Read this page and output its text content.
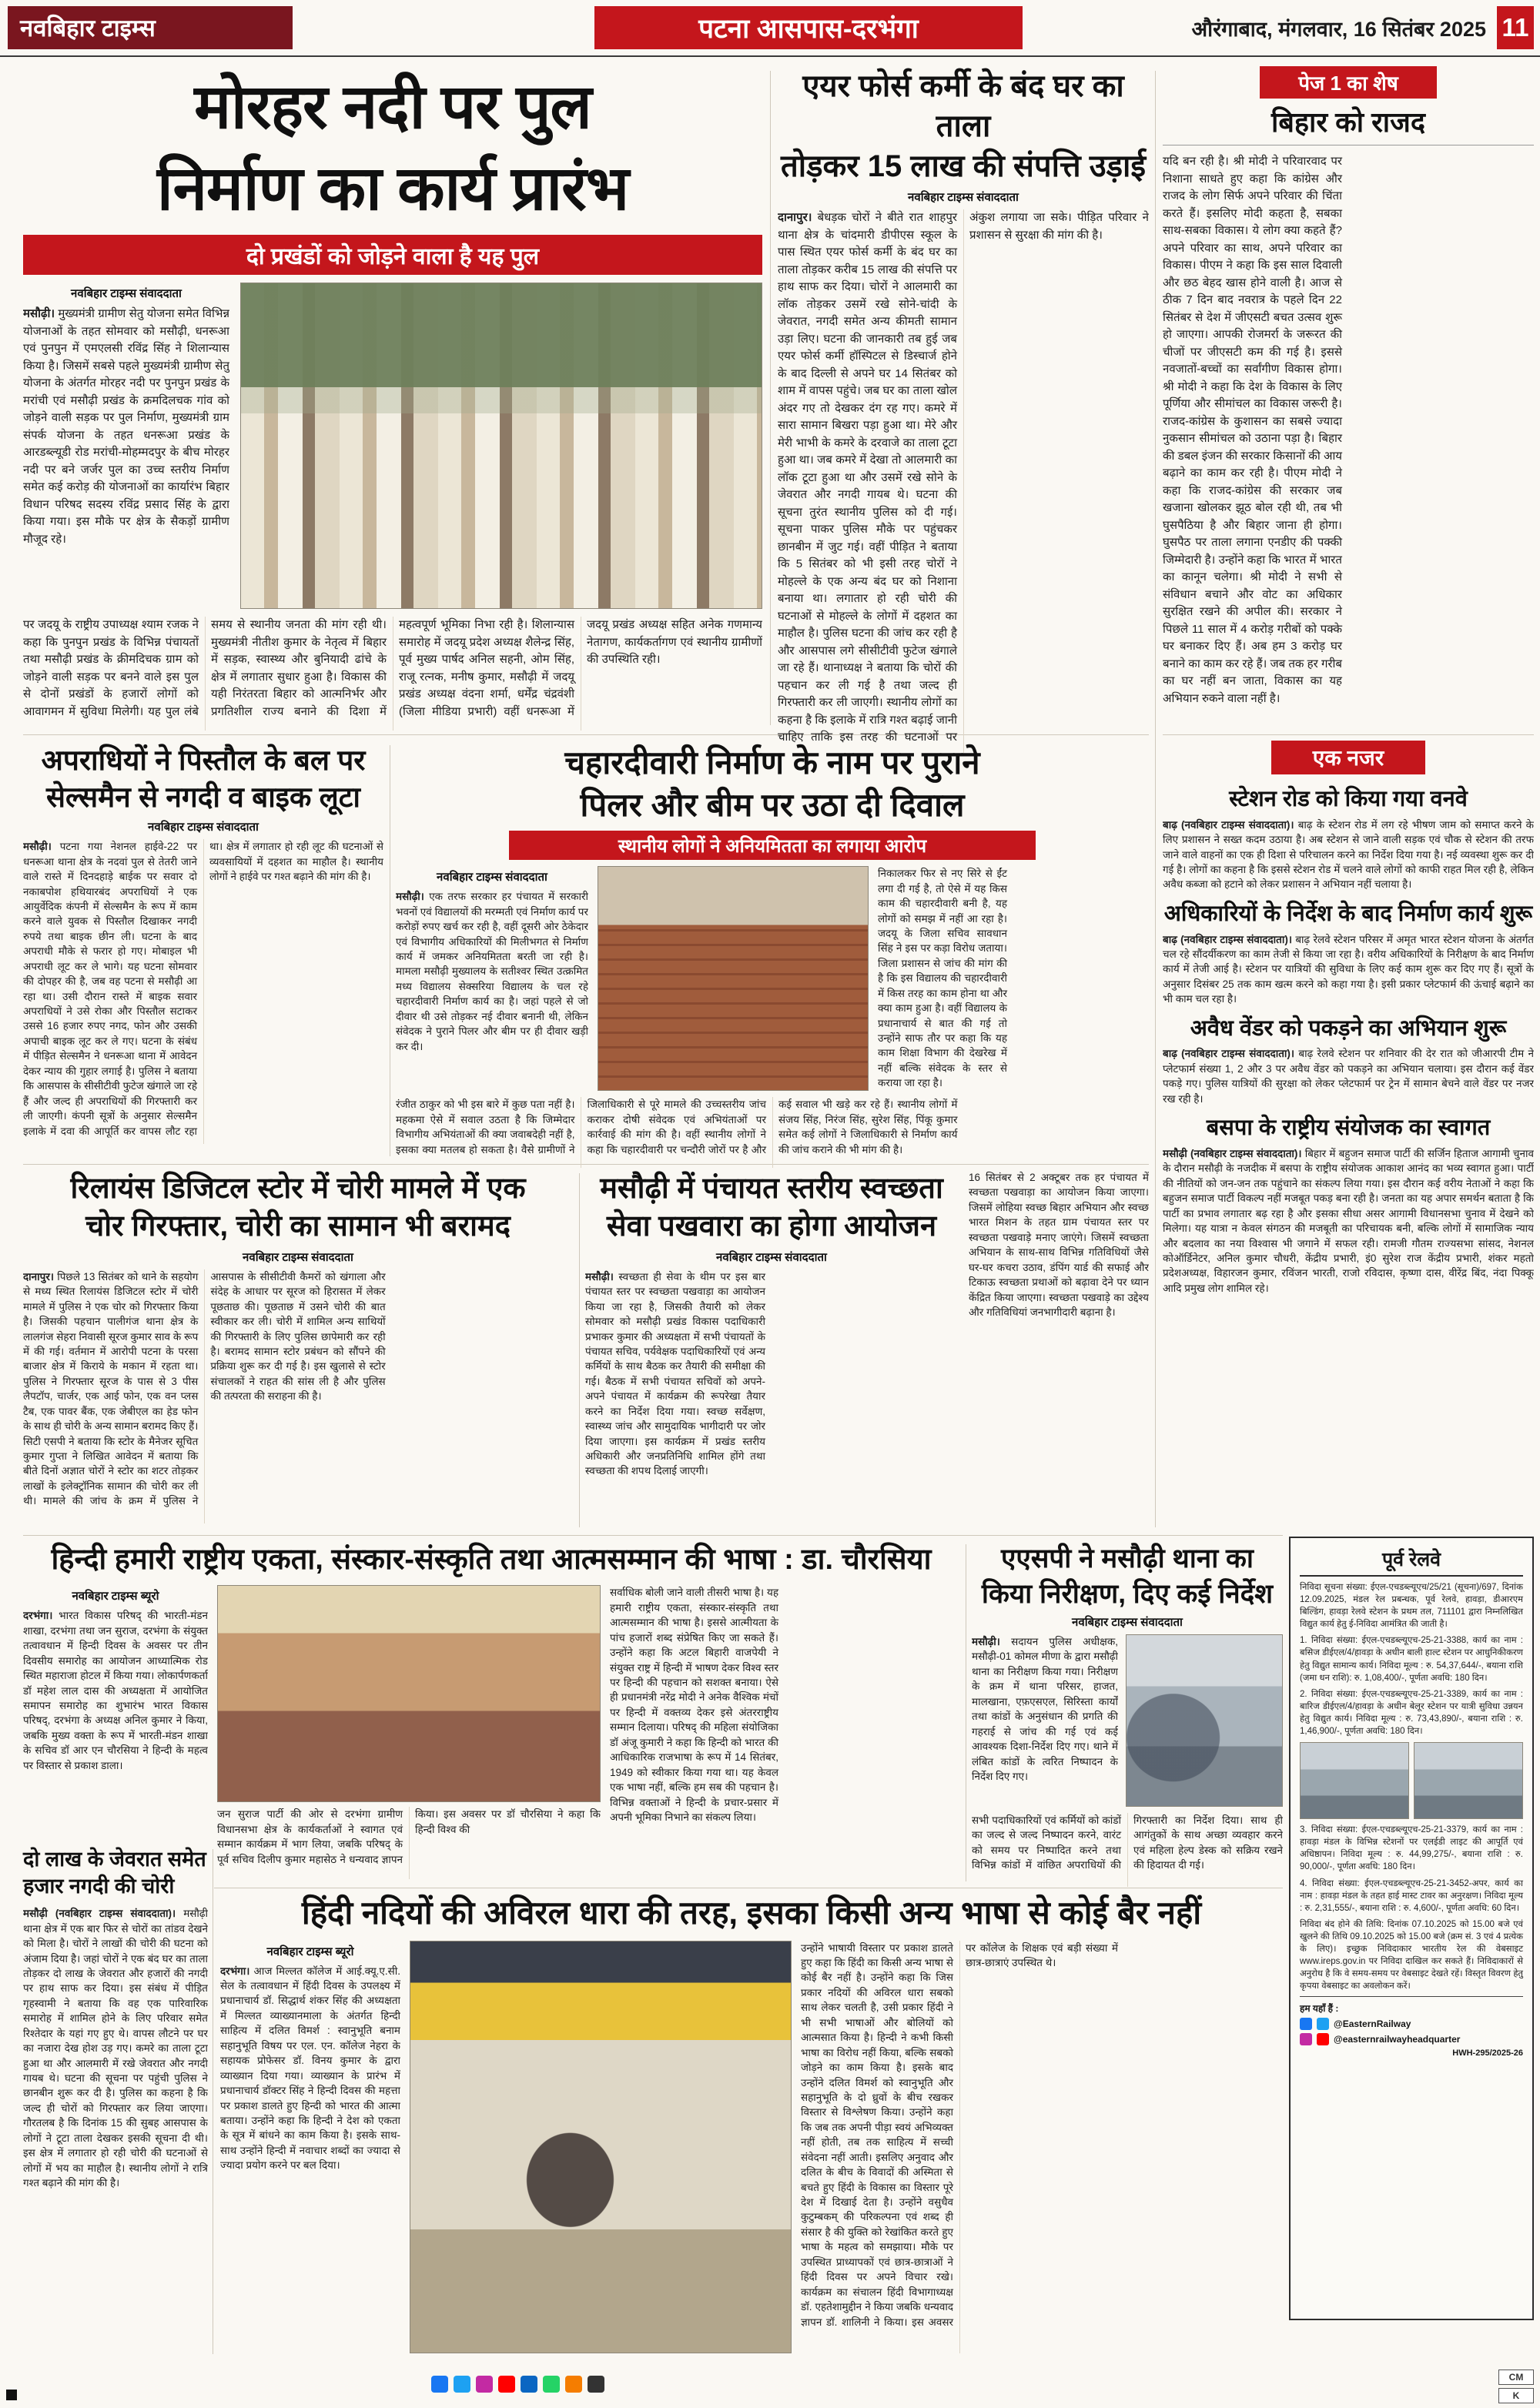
नवबिहार टाइम्स	पटना आसपास-दरभंगा	औरंगाबाद, मंगलवार, 16 सितंबर 2025 11
मोरहर नदी पर पुल
निर्माण का कार्य प्रारंभ
दो प्रखंडों को जोड़ने वाला है यह पुल
नवबिहार टाइम्स संवाददाता
मसौढ़ी। मुख्यमंत्री ग्रामीण सेतु योजना समेत विभिन्न योजनाओं के तहत सोमवार को मसौढ़ी, धनरूआ एवं पुनपुन में एमएलसी रविंद्र सिंह ने शिलान्यास किया है। जिसमें सबसे पहले मुख्यमंत्री ग्रामीण सेतु योजना के अंतर्गत मोरहर नदी पर पुनपुन प्रखंड के मरांची एवं मसौढ़ी प्रखंड के क्रमदिलचक गांव को जोड़ने वाली सड़क पर पुल निर्माण, मुख्यमंत्री ग्राम संपर्क योजना के तहत धनरूआ प्रखंड के आरडब्ल्यूडी रोड मरांची-मोहम्मदपुर के बीच मोरहर नदी पर बने जर्जर पुल का उच्च स्तरीय निर्माण समेत कई करोड़ की योजनाओं का कार्यारंभ बिहार विधान परिषद सदस्य रविंद्र प्रसाद सिंह के द्वारा किया गया। इस मौके पर क्षेत्र के सैकड़ों ग्रामीण मौजूद रहे।
पर जदयू के राष्ट्रीय उपाध्यक्ष श्याम रजक ने कहा कि पुनपुन प्रखंड के विभिन्न पंचायतों तथा मसौढ़ी प्रखंड के क्रीमदिचक ग्राम को जोड़ने वाली सड़क पर बनने वाले इस पुल से दोनों प्रखंडों के हजारों लोगों को आवागमन में सुविधा मिलेगी। यह पुल लंबे समय से स्थानीय जनता की मांग रही थी। मुख्यमंत्री नीतीश कुमार के नेतृत्व में बिहार में सड़क, स्वास्थ्य और बुनियादी ढांचे के क्षेत्र में लगातार सुधार हुआ है। विकास की यही निरंतरता बिहार को आत्मनिर्भर और प्रगतिशील राज्य बनाने की दिशा में महत्वपूर्ण भूमिका निभा रही है। शिलान्यास समारोह में जदयू प्रदेश अध्यक्ष शैलेन्द्र सिंह, पूर्व मुख्य पार्षद अनिल सहनी, ओम सिंह, राजू रत्नक, मनीष कुमार, मसौढ़ी में जदयू प्रखंड अध्यक्ष वंदना शर्मा, धर्मेंद्र चंद्रवंशी (जिला मीडिया प्रभारी) वहीं धनरूआ में जदयू प्रखंड अध्यक्ष सहित अनेक गणमान्य नेतागण, कार्यकर्तागण एवं स्थानीय ग्रामीणों की उपस्थिति रही।
एयर फोर्स कर्मी के बंद घर का ताला
तोड़कर 15 लाख की संपत्ति उड़ाई
नवबिहार टाइम्स संवाददाता
दानापुर। बेधड़क चोरों ने बीते रात शाहपुर थाना क्षेत्र के चांदमारी डीपीएस स्कूल के पास स्थित एयर फोर्स कर्मी के बंद घर का ताला तोड़कर करीब 15 लाख की संपत्ति पर हाथ साफ कर दिया। चोरों ने आलमारी का लॉक तोड़कर उसमें रखे सोने-चांदी के जेवरात, नगदी समेत अन्य कीमती सामान उड़ा लिए। घटना की जानकारी तब हुई जब एयर फोर्स कर्मी हॉस्पिटल से डिस्चार्ज होने के बाद दिल्ली से अपने घर 14 सितंबर को शाम में वापस पहुंचे। जब घर का ताला खोल अंदर गए तो देखकर दंग रह गए। कमरे में सारा सामान बिखरा पड़ा हुआ था। मेरे और मेरी भाभी के कमरे के दरवाजे का ताला टूटा हुआ था। जब कमरे में देखा तो आलमारी का लॉक टूटा हुआ था और उसमें रखे सोने के जेवरात और नगदी गायब थे। घटना की सूचना तुरंत स्थानीय पुलिस को दी गई। सूचना पाकर पुलिस मौके पर पहुंचकर छानबीन में जुट गई। वहीं पीड़ित ने बताया कि 5 सितंबर को भी इसी तरह चोरों ने मोहल्ले के एक अन्य बंद घर को निशाना बनाया था। लगातार हो रही चोरी की घटनाओं से मोहल्ले के लोगों में दहशत का माहौल है। पुलिस घटना की जांच कर रही है और आसपास लगे सीसीटीवी फुटेज खंगाले जा रहे हैं। थानाध्यक्ष ने बताया कि चोरों की पहचान कर ली गई है तथा जल्द ही गिरफ्तारी कर ली जाएगी। स्थानीय लोगों का कहना है कि इलाके में रात्रि गश्त बढ़ाई जानी चाहिए ताकि इस तरह की घटनाओं पर अंकुश लगाया जा सके। पीड़ित परिवार ने प्रशासन से सुरक्षा की मांग की है।
पेज 1 का शेष
बिहार को राजद
यदि बन रही है। श्री मोदी ने परिवारवाद पर निशाना साधते हुए कहा कि कांग्रेस और राजद के लोग सिर्फ अपने परिवार की चिंता करते हैं। इसलिए मोदी कहता है, सबका साथ-सबका विकास। ये लोग क्या कहते हैं? अपने परिवार का साथ, अपने परिवार का विकास। पीएम ने कहा कि इस साल दिवाली और छठ बेहद खास होने वाली है। आज से ठीक 7 दिन बाद नवरात्र के पहले दिन 22 सितंबर से देश में जीएसटी बचत उत्सव शुरू हो जाएगा। आपकी रोजमर्रा के जरूरत की चीजों पर जीएसटी कम की गई है। इससे नवजातों-बच्चों का सर्वांगीण विकास होगा। श्री मोदी ने कहा कि देश के विकास के लिए पूर्णिया और सीमांचल का विकास जरूरी है। राजद-कांग्रेस के कुशासन का सबसे ज्यादा नुकसान सीमांचल को उठाना पड़ा है। बिहार की डबल इंजन की सरकार किसानों की आय बढ़ाने का काम कर रही है। पीएम मोदी ने कहा कि राजद-कांग्रेस की सरकार जब खजाना खोलकर झूठ बोल रही थी, तब भी घुसपैठिया है और बिहार जाना ही होगा। घुसपैठ पर ताला लगाना एनडीए की पक्की जिम्मेदारी है। उन्होंने कहा कि भारत में भारत का कानून चलेगा। श्री मोदी ने सभी से संविधान बचाने और वोट का अधिकार सुरक्षित रखने की अपील की। सरकार ने पिछले 11 साल में 4 करोड़ गरीबों को पक्के घर बनाकर दिए हैं। अब हम 3 करोड़ घर बनाने का काम कर रहे हैं। जब तक हर गरीब का घर नहीं बन जाता, विकास का यह अभियान रुकने वाला नहीं है।
एक नजर
स्टेशन रोड को किया गया वनवे
बाढ़ (नवबिहार टाइम्स संवाददाता)। बाढ़ के स्टेशन रोड में लग रहे भीषण जाम को समाप्त करने के लिए प्रशासन ने सख्त कदम उठाया है। अब स्टेशन से जाने वाली सड़क एवं चौक से स्टेशन की तरफ जाने वाले वाहनों का एक ही दिशा से परिचालन करने का निर्देश दिया गया है। नई व्यवस्था शुरू कर दी गई है। लोगों का कहना है कि इससे स्टेशन रोड में चलने वाले लोगों को काफी राहत मिल रही है, लेकिन अवैध कब्जा को हटाने को लेकर प्रशासन ने अभियान नहीं चलाया है।
अधिकारियों के निर्देश के बाद निर्माण कार्य शुरू
बाढ़ (नवबिहार टाइम्स संवाददाता)। बाढ़ रेलवे स्टेशन परिसर में अमृत भारत स्टेशन योजना के अंतर्गत चल रहे सौंदर्यीकरण का काम तेजी से किया जा रहा है। वरीय अधिकारियों के निरीक्षण के बाद निर्माण कार्य में तेजी आई है। स्टेशन पर यात्रियों की सुविधा के लिए कई काम शुरू कर दिए गए हैं। सूत्रों के अनुसार दिसंबर 25 तक काम खत्म करने को कहा गया है। इसी प्रकार प्लेटफार्म की ऊंचाई बढ़ाने का भी काम चल रहा है।
अवैध वेंडर को पकड़ने का अभियान शुरू
बाढ़ (नवबिहार टाइम्स संवाददाता)। बाढ़ रेलवे स्टेशन पर शनिवार की देर रात को जीआरपी टीम ने प्लेटफार्म संख्या 1, 2 और 3 पर अवैध वेंडर को पकड़ने का अभियान चलाया। इस दौरान कई वेंडर पकड़े गए। पुलिस यात्रियों की सुरक्षा को लेकर प्लेटफार्म पर ट्रेन में सामान बेचने वाले वेंडर पर नजर रख रही है।
बसपा के राष्ट्रीय संयोजक का स्वागत
मसौढ़ी (नवबिहार टाइम्स संवाददाता)। बिहार में बहुजन समाज पार्टी की सर्जिन हिताज आगामी चुनाव के दौरान मसौढ़ी के नजदीक में बसपा के राष्ट्रीय संयोजक आकाश आनंद का भव्य स्वागत हुआ। पार्टी की नीतियों को जन-जन तक पहुंचाने का संकल्प लिया गया। इस दौरान कई वरीय नेताओं ने कहा कि बहुजन समाज पार्टी विकल्प नहीं मजबूत पकड़ बना रही है। जनता का यह अपार समर्थन बताता है कि पार्टी का प्रभाव लगातार बढ़ रहा है और इसका सीधा असर आगामी विधानसभा चुनाव में देखने को मिलेगा। यह यात्रा न केवल संगठन की मजबूती का परिचायक बनी, बल्कि लोगों में सामाजिक न्याय और बदलाव का नया विश्वास भी जगाने में सफल रही। रामजी गौतम राज्यसभा सांसद, नेशनल कोऑर्डिनेटर, अनिल कुमार चौधरी, केंद्रीय प्रभारी, इं0 सुरेश राज केंद्रीय प्रभारी, शंकर महतो प्रदेशअध्यक्ष, विहारजन कुमार, रविंजन भारती, राजो रविदास, कृष्णा दास, वीरेंद्र बिंद, नंदा पिक्कू आदि प्रमुख लोग शामिल रहे।
अपराधियों ने पिस्तौल के बल पर
सेल्समैन से नगदी व बाइक लूटा
नवबिहार टाइम्स संवाददाता
मसौढ़ी। पटना गया नेशनल हाईवे-22 पर धनरूआ थाना क्षेत्र के नदवां पुल से तेतरी जाने वाले रास्ते में दिनदहाड़े बाईक पर सवार दो नकाबपोश हथियारबंद अपराधियों ने एक आयुर्वेदिक कंपनी में सेल्समैन के रूप में काम करने वाले युवक से पिस्तौल दिखाकर नगदी रुपये तथा बाइक छीन ली। घटना के बाद अपराधी मौके से फरार हो गए। मोबाइल भी अपराधी लूट कर ले भागे। यह घटना सोमवार की दोपहर की है, जब वह पटना से मसौढ़ी आ रहा था। उसी दौरान रास्ते में बाइक सवार अपराधियों ने उसे रोका और पिस्तौल सटाकर उससे 16 हजार रुपए नगद, फोन और उसकी अपाची बाइक लूट कर ले गए। घटना के संबंध में पीड़ित सेल्समैन ने धनरूआ थाना में आवेदन देकर न्याय की गुहार लगाई है। पुलिस ने बताया कि आसपास के सीसीटीवी फुटेज खंगाले जा रहे हैं और जल्द ही अपराधियों की गिरफ्तारी कर ली जाएगी। कंपनी सूत्रों के अनुसार सेल्समैन इलाके में दवा की आपूर्ति कर वापस लौट रहा था। क्षेत्र में लगातार हो रही लूट की घटनाओं से व्यवसायियों में दहशत का माहौल है। स्थानीय लोगों ने हाईवे पर गश्त बढ़ाने की मांग की है।
चहारदीवारी निर्माण के नाम पर पुराने
पिलर और बीम पर उठा दी दिवाल
स्थानीय लोगों ने अनियमितता का लगाया आरोप
नवबिहार टाइम्स संवाददाता
मसौढ़ी। एक तरफ सरकार हर पंचायत में सरकारी भवनों एवं विद्यालयों की मरम्मती एवं निर्माण कार्य पर करोड़ों रुपए खर्च कर रही है, वहीं दूसरी ओर ठेकेदार एवं विभागीय अधिकारियों की मिलीभगत से निर्माण कार्य में जमकर अनियमितता बरती जा रही है। मामला मसौढ़ी मुख्यालय के सतीश्वर स्थित उत्क्रमित मध्य विद्यालय सेक्सरिया विद्यालय के चल रहे चहारदीवारी निर्माण कार्य का है। जहां पहले से जो दीवार थी उसे तोड़कर नई दीवार बनानी थी, लेकिन संवेदक ने पुराने पिलर और बीम पर ही दीवार खड़ी कर दी।
निकालकर फिर से नए सिरे से ईंट लगा दी गई है, तो ऐसे में यह किस काम की चहारदीवारी बनी है, यह लोगों को समझ में नहीं आ रहा है। जदयू के जिला सचिव सावधान सिंह ने इस पर कड़ा विरोध जताया। जिला प्रशासन से जांच की मांग की है कि इस विद्यालय की चहारदीवारी में किस तरह का काम होना था और क्या काम हुआ है। वहीं विद्यालय के प्रधानाचार्य से बात की गई तो उन्होंने साफ तौर पर कहा कि यह काम शिक्षा विभाग की देखरेख में नहीं बल्कि संवेदक के स्तर से कराया जा रहा है।
रंजीत ठाकुर को भी इस बारे में कुछ पता नहीं है। महकमा ऐसे में सवाल उठता है कि जिम्मेदार विभागीय अभियंताओं की क्या जवाबदेही नहीं है, इसका क्या मतलब हो सकता है। वैसे ग्रामीणों ने जिलाधिकारी से पूरे मामले की उच्चस्तरीय जांच कराकर दोषी संवेदक एवं अभियंताओं पर कार्रवाई की मांग की है। वहीं स्थानीय लोगों ने कहा कि चहारदीवारी पर चन्दौरी जोरों पर है और कई सवाल भी खड़े कर रहे हैं। स्थानीय लोगों में संजय सिंह, निरंज सिंह, सुरेश सिंह, पिंकू कुमार समेत कई लोगों ने जिलाधिकारी से निर्माण कार्य की जांच कराने की भी मांग की है।
रिलायंस डिजिटल स्टोर में चोरी मामले में एक
चोर गिरफ्तार, चोरी का सामान भी बरामद
नवबिहार टाइम्स संवाददाता
दानापुर। पिछले 13 सितंबर को थाने के सहयोग से मध्य स्थित रिलायंस डिजिटल स्टोर में चोरी मामले में पुलिस ने एक चोर को गिरफ्तार किया है। जिसकी पहचान पालीगंज थाना क्षेत्र के लालगंज सेहरा निवासी सूरज कुमार साव के रूप में की गई। वर्तमान में आरोपी पटना के परसा बाजार क्षेत्र में किराये के मकान में रहता था। पुलिस ने गिरफ्तार सूरज के पास से 3 पीस लैपटॉप, चार्जर, एक आई फोन, एक वन प्लस टैब, एक पावर बैंक, एक जेबीएल का हेड फोन के साथ ही चोरी के अन्य सामान बरामद किए हैं। सिटी एसपी ने बताया कि स्टोर के मैनेजर सूचित कुमार गुप्ता ने लिखित आवेदन में बताया कि बीते दिनों अज्ञात चोरों ने स्टोर का शटर तोड़कर लाखों के इलेक्ट्रॉनिक सामान की चोरी कर ली थी। मामले की जांच के क्रम में पुलिस ने आसपास के सीसीटीवी कैमरों को खंगाला और संदेह के आधार पर सूरज को हिरासत में लेकर पूछताछ की। पूछताछ में उसने चोरी की बात स्वीकार कर ली। चोरी में शामिल अन्य साथियों की गिरफ्तारी के लिए पुलिस छापेमारी कर रही है। बरामद सामान स्टोर प्रबंधन को सौंपने की प्रक्रिया शुरू कर दी गई है। इस खुलासे से स्टोर संचालकों ने राहत की सांस ली है और पुलिस की तत्परता की सराहना की है।
मसौढ़ी में पंचायत स्तरीय स्वच्छता
सेवा पखवारा का होगा आयोजन
नवबिहार टाइम्स संवाददाता
मसौढ़ी। स्वच्छता ही सेवा के थीम पर इस बार पंचायत स्तर पर स्वच्छता पखवाड़ा का आयोजन किया जा रहा है, जिसकी तैयारी को लेकर सोमवार को मसौढ़ी प्रखंड विकास पदाधिकारी प्रभाकर कुमार की अध्यक्षता में सभी पंचायतों के पंचायत सचिव, पर्यवेक्षक पदाधिकारियों एवं अन्य कर्मियों के साथ बैठक कर तैयारी की समीक्षा की गई। बैठक में सभी पंचायत सचिवों को अपने-अपने पंचायत में कार्यक्रम की रूपरेखा तैयार करने का निर्देश दिया गया। स्वच्छ सर्वेक्षण, स्वास्थ्य जांच और सामुदायिक भागीदारी पर जोर दिया जाएगा। इस कार्यक्रम में प्रखंड स्तरीय अधिकारी और जनप्रतिनिधि शामिल होंगे तथा स्वच्छता की शपथ दिलाई जाएगी।
16 सितंबर से 2 अक्टूबर तक हर पंचायत में स्वच्छता पखवाड़ा का आयोजन किया जाएगा। जिसमें लोहिया स्वच्छ बिहार अभियान और स्वच्छ भारत मिशन के तहत ग्राम पंचायत स्तर पर स्वच्छता पखवाड़े मनाए जाएंगे। जिसमें स्वच्छता अभियान के साथ-साथ विभिन्न गतिविधियों जैसे घर-घर कचरा उठाव, डंपिंग यार्ड की सफाई और टिकाऊ स्वच्छता प्रथाओं को बढ़ावा देने पर ध्यान केंद्रित किया जाएगा। स्वच्छता पखवाड़े का उद्देश्य और गतिविधियां जनभागीदारी बढ़ाना है।
हिन्दी हमारी राष्ट्रीय एकता, संस्कार-संस्कृति तथा आत्मसम्मान की भाषा : डा. चौरसिया
नवबिहार टाइम्स ब्यूरो
दरभंगा। भारत विकास परिषद् की भारती-मंडन शाखा, दरभंगा तथा जन सुराज, दरभंगा के संयुक्त तत्वावधान में हिन्दी दिवस के अवसर पर तीन दिवसीय समारोह का आयोजन आध्यात्मिक रोड स्थित महाराजा होटल में किया गया। लोकार्पणकर्ता डॉ महेश लाल दास की अध्यक्षता में आयोजित समापन समारोह का शुभारंभ भारत विकास परिषद्, दरभंगा के अध्यक्ष अनिल कुमार ने किया, जबकि मुख्य वक्ता के रूप में भारती-मंडन शाखा के सचिव डॉ आर एन चौरसिया ने हिन्दी के महत्व पर विस्तार से प्रकाश डाला।
जन सुराज पार्टी की ओर से दरभंगा ग्रामीण विधानसभा क्षेत्र के कार्यकर्ताओं ने स्वागत एवं सम्मान कार्यक्रम में भाग लिया, जबकि परिषद् के पूर्व सचिव दिलीप कुमार महासेठ ने धन्यवाद ज्ञापन किया। इस अवसर पर डॉ चौरसिया ने कहा कि हिन्दी विश्व की
सर्वाधिक बोली जाने वाली तीसरी भाषा है। यह हमारी राष्ट्रीय एकता, संस्कार-संस्कृति तथा आत्मसम्मान की भाषा है। इससे आत्मीयता के पांच हजारों शब्द संप्रेषित किए जा सकते हैं। उन्होंने कहा कि अटल बिहारी वाजपेयी ने संयुक्त राष्ट्र में हिन्दी में भाषण देकर विश्व स्तर पर हिन्दी की पहचान को सशक्त बनाया। ऐसे ही प्रधानमंत्री नरेंद्र मोदी ने अनेक वैश्विक मंचों पर हिन्दी में वक्तव्य देकर इसे अंतरराष्ट्रीय सम्मान दिलाया। परिषद् की महिला संयोजिका डॉ अंजू कुमारी ने कहा कि हिन्दी को भारत की आधिकारिक राजभाषा के रूप में 14 सितंबर, 1949 को स्वीकार किया गया था। यह केवल एक भाषा नहीं, बल्कि हम सब की पहचान है। विभिन्न वक्ताओं ने हिन्दी के प्रचार-प्रसार में अपनी भूमिका निभाने का संकल्प लिया।
एएसपी ने मसौढ़ी थाना का
किया निरीक्षण, दिए कई निर्देश
नवबिहार टाइम्स संवाददाता
मसौढ़ी। सदायन पुलिस अधीक्षक, मसौढ़ी-01 कोमल मीणा के द्वारा मसौढ़ी थाना का निरीक्षण किया गया। निरीक्षण के क्रम में थाना परिसर, हाजत, मालखाना, एफ़एसएल, सिरिस्ता कार्यों तथा कांडों के अनुसंधान की प्रगति की गहराई से जांच की गई एवं कई आवश्यक दिशा-निर्देश दिए गए। थाने में लंबित कांडों के त्वरित निष्पादन के निर्देश दिए गए।
सभी पदाधिकारियों एवं कर्मियों को कांडों का जल्द से जल्द निष्पादन करने, वारंट को समय पर निष्पादित करने तथा विभिन्न कांडों में वांछित अपराधियों की गिरफ्तारी का निर्देश दिया। साथ ही आगंतुकों के साथ अच्छा व्यवहार करने एवं महिला हेल्प डेस्क को सक्रिय रखने की हिदायत दी गई।
पूर्व रेलवे

निविदा सूचना संख्या: ईएल-एचडब्ल्यूएच/25/21 (सूचना)/697, दिनांक 12.09.2025, मंडल रेल प्रबन्धक, पूर्व रेलवे, हावड़ा, डीआरएम बिल्डिंग, हावड़ा रेलवे स्टेशन के प्रथम तल, 711101 द्वारा निम्नलिखित विद्युत कार्य हेतु ई-निविदा आमंत्रित की जाती है।

1. निविदा संख्या: ईएल-एचडब्ल्यूएच-25-21-3388, कार्य का नाम : बसिज डीईएल/4/हावड़ा के अधीन बाली हाल्ट स्टेशन पर आधुनिकीकरण हेतु विद्युत सामान्य कार्य। निविदा मूल्य : रु. 54,37,644/-, बयाना राशि (जमा धन राशि): रु. 1,08,400/-, पूर्णता अवधि: 180 दिन।

2. निविदा संख्या: ईएल-एचडब्ल्यूएच-25-21-3389, कार्य का नाम : बारिज डीईएल/4/हावड़ा के अधीन बेलूर स्टेशन पर यात्री सुविधा उन्नयन हेतु विद्युत कार्य। निविदा मूल्य : रु. 73,43,890/-, बयाना राशि : रु. 1,46,900/-, पूर्णता अवधि: 180 दिन।

3. निविदा संख्या: ईएल-एचडब्ल्यूएच-25-21-3379, कार्य का नाम : हावड़ा मंडल के विभिन्न स्टेशनों पर एलईडी लाइट की आपूर्ति एवं अधिष्ठापन। निविदा मूल्य : रु. 44,99,275/-, बयाना राशि : रु. 90,000/-, पूर्णता अवधि: 180 दिन।

4. निविदा संख्या: ईएल-एचडब्ल्यूएच-25-21-3452-अपर, कार्य का नाम : हावड़ा मंडल के तहत हाई मास्ट टावर का अनुरक्षण। निविदा मूल्य : रु. 2,31,555/-, बयाना राशि : रु. 4,600/-, पूर्णता अवधि: 60 दिन।

निविदा बंद होने की तिथि: दिनांक 07.10.2025 को 15.00 बजे एवं खुलने की तिथि 09.10.2025 को 15.00 बजे (क्रम सं. 3 एवं 4 प्रत्येक के लिए)। इच्छुक निविदाकार भारतीय रेल की वेबसाइट www.ireps.gov.in पर निविदा दाखिल कर सकते हैं। निविदाकारों से अनुरोध है कि वे समय-समय पर वेबसाइट देखते रहें। विस्तृत विवरण हेतु कृपया वेबसाइट का अवलोकन करें।

हम यहाँ हैं :
@EasternRailway
@easternrailwayheadquarter
HWH-295/2025-26
दो लाख के जेवरात समेत
हजार नगदी की चोरी
मसौढ़ी (नवबिहार टाइम्स संवाददाता)। मसौढ़ी थाना क्षेत्र में एक बार फिर से चोरों का तांडव देखने को मिला है। चोरों ने लाखों की चोरी की घटना को अंजाम दिया है। जहां चोरों ने एक बंद घर का ताला तोड़कर दो लाख के जेवरात और हजारों की नगदी पर हाथ साफ कर दिया। इस संबंध में पीड़ित गृहस्वामी ने बताया कि वह एक पारिवारिक समारोह में शामिल होने के लिए परिवार समेत रिश्तेदार के यहां गए हुए थे। वापस लौटने पर घर का नजारा देख होश उड़ गए। कमरे का ताला टूटा हुआ था और आलमारी में रखे जेवरात और नगदी गायब थे। घटना की सूचना पर पहुंची पुलिस ने छानबीन शुरू कर दी है। पुलिस का कहना है कि जल्द ही चोरों को गिरफ्तार कर लिया जाएगा। गौरतलब है कि दिनांक 15 की सुबह आसपास के लोगों ने टूटा ताला देखकर इसकी सूचना दी थी। इस क्षेत्र में लगातार हो रही चोरी की घटनाओं से लोगों में भय का माहौल है। स्थानीय लोगों ने रात्रि गश्त बढ़ाने की मांग की है।
हिंदी नदियों की अविरल धारा की तरह, इसका किसी अन्य भाषा से कोई बैर नहीं
नवबिहार टाइम्स ब्यूरो
दरभंगा। आज मिल्लत कॉलेज में आई.क्यू.ए.सी. सेल के तत्वावधान में हिंदी दिवस के उपलक्ष्य में प्रधानाचार्य डॉ. सिद्धार्थ शंकर सिंह की अध्यक्षता में मिल्लत व्याख्यानमाला के अंतर्गत हिन्दी साहित्य में दलित विमर्श : स्वानुभूति बनाम सहानुभूति विषय पर एल. एन. कॉलेज नेहरा के सहायक प्रोफेसर डॉ. विनय कुमार के द्वारा व्याख्यान दिया गया। व्याख्यान के प्रारंभ में प्रधानाचार्य डॉक्टर सिंह ने हिन्दी दिवस की महत्ता पर प्रकाश डालते हुए हिन्दी को भारत की आत्मा बताया। उन्होंने कहा कि हिन्दी ने देश को एकता के सूत्र में बांधने का काम किया है। इसके साथ-साथ उन्होंने हिन्दी में नवाचार शब्दों का ज्यादा से ज्यादा प्रयोग करने पर बल दिया।
उन्होंने भाषायी विस्तार पर प्रकाश डालते हुए कहा कि हिंदी का किसी अन्य भाषा से कोई बैर नहीं है। उन्होंने कहा कि जिस प्रकार नदियों की अविरल धारा सबको साथ लेकर चलती है, उसी प्रकार हिंदी ने भी सभी भाषाओं और बोलियों को आत्मसात किया है। हिन्दी ने कभी किसी भाषा का विरोध नहीं किया, बल्कि सबको जोड़ने का काम किया है। इसके बाद उन्होंने दलित विमर्श को स्वानुभूति और सहानुभूति के दो ध्रुवों के बीच रखकर विस्तार से विश्लेषण किया। उन्होंने कहा कि जब तक अपनी पीड़ा स्वयं अभिव्यक्त नहीं होती, तब तक साहित्य में सच्ची संवेदना नहीं आती। इसलिए अनुवाद और दलित के बीच के विवादों की अस्मिता से बचते हुए हिंदी के विकास का विस्तार पूरे देश में दिखाई देता है। उन्होंने वसुधैव कुटुम्बकम् की परिकल्पना एवं शब्द ही संसार है की युक्ति को रेखांकित करते हुए भाषा के महत्व को समझाया। मौके पर उपस्थित प्राध्यापकों एवं छात्र-छात्राओं ने हिंदी दिवस पर अपने विचार रखे। कार्यक्रम का संचालन हिंदी विभागाध्यक्ष डॉ. एहतेशामुद्दीन ने किया जबकि धन्यवाद ज्ञापन डॉ. शालिनी ने किया। इस अवसर पर कॉलेज के शिक्षक एवं बड़ी संख्या में छात्र-छात्राएं उपस्थित थे।
CM
K
